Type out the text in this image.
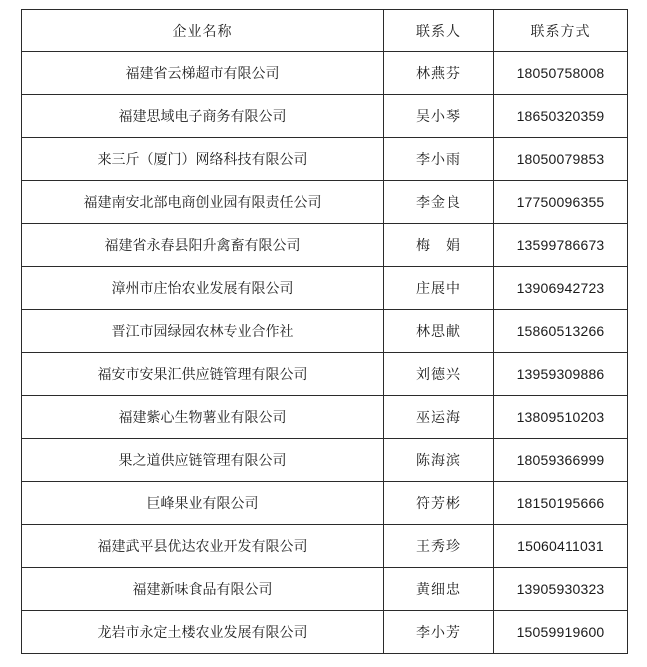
企业名称	联系人	联系方式
福建省云梯超市有限公司	林燕芬	18050758008
福建思域电子商务有限公司	吴小琴	18650320359
来三斤（厦门）网络科技有限公司	李小雨	18050079853
福建南安北部电商创业园有限责任公司	李金良	17750096355
福建省永春县阳升禽畜有限公司	梅　娟	13599786673
漳州市庄怡农业发展有限公司	庄展中	13906942723
晋江市园绿园农林专业合作社	林思献	15860513266
福安市安果汇供应链管理有限公司	刘德兴	13959309886
福建紫心生物薯业有限公司	巫运海	13809510203
果之道供应链管理有限公司	陈海滨	18059366999
巨峰果业有限公司	符芳彬	18150195666
福建武平县优达农业开发有限公司	王秀珍	15060411031
福建新味食品有限公司	黄细忠	13905930323
龙岩市永定土楼农业发展有限公司	李小芳	15059919600
